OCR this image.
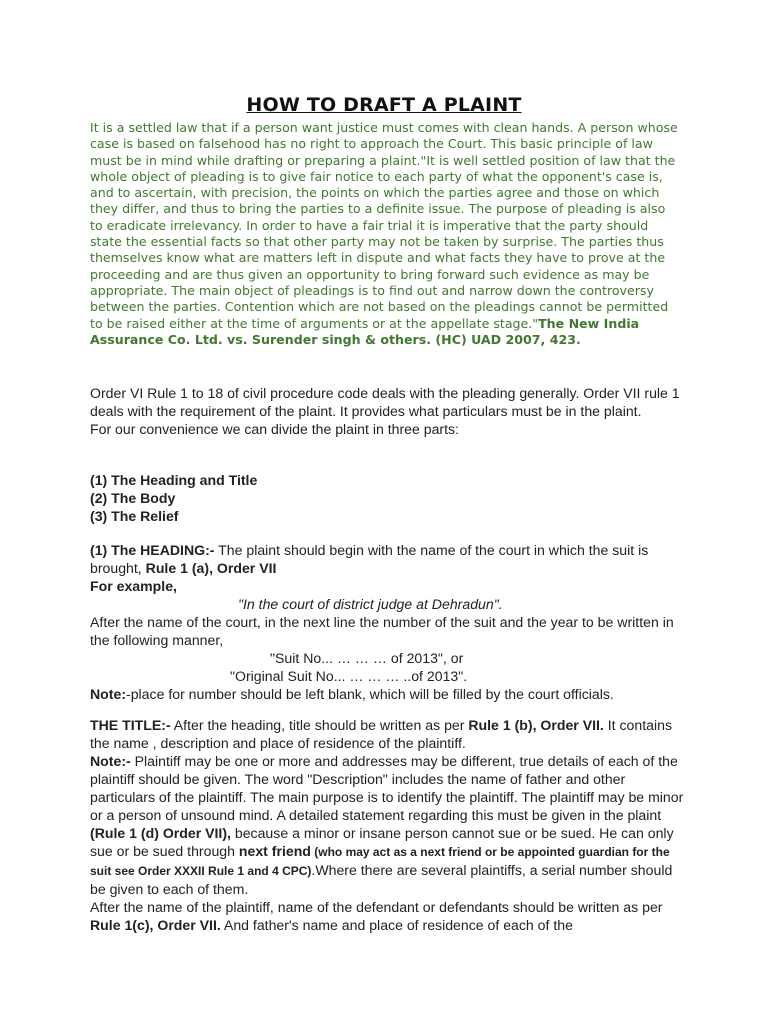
HOW TO DRAFT A PLAINT
It is a settled law that if a person want justice must comes with clean hands. A person whose case is based on falsehood has no right to approach the Court. This basic principle of law must be in mind while drafting or preparing a plaint."It is well settled position of law that the whole object of pleading is to give fair notice to each party of what the opponent's case is, and to ascertain, with precision, the points on which the parties agree and those on which they differ, and thus to bring the parties to a definite issue. The purpose of pleading is also to eradicate irrelevancy. In order to have a fair trial it is imperative that the party should state the essential facts so that other party may not be taken by surprise. The parties thus themselves know what are matters left in dispute and what facts they have to prove at the proceeding and are thus given an opportunity to bring forward such evidence as may be appropriate. The main object of pleadings is to find out and narrow down the controversy between the parties. Contention which are not based on the pleadings cannot be permitted to be raised either at the time of arguments or at the appellate stage."The New India Assurance Co. Ltd. vs. Surender singh & others. (HC) UAD 2007, 423.
Order VI Rule 1 to 18 of civil procedure code deals with the pleading generally. Order VII rule 1 deals with the requirement of the plaint. It provides what particulars must be in the plaint.
For our convenience we can divide the plaint in three parts:
(1) The Heading and Title
(2) The Body
(3) The Relief
(1) The HEADING:- The plaint should begin with the name of the court in which the suit is brought, Rule 1 (a), Order VII
For example,

"In the court of district judge at Dehradun".
After the name of the court, in the next line the number of the suit and the year to be written in the following manner,

"Suit No... … … … of 2013", or
"Original Suit No... … … … ..of 2013".
Note:-place for number should be left blank, which will be filled by the court officials.
THE TITLE:- After the heading, title should be written as per Rule 1 (b), Order VII. It contains the name , description and place of residence of the plaintiff.
Note:- Plaintiff may be one or more and addresses may be different, true details of each of the plaintiff should be given. The word "Description" includes the name of father and other particulars of the plaintiff. The main purpose is to identify the plaintiff. The plaintiff may be minor or a person of unsound mind. A detailed statement regarding this must be given in the plaint (Rule 1 (d) Order VII), because a minor or insane person cannot sue or be sued. He can only sue or be sued through next friend (who may act as a next friend or be appointed guardian for the suit see Order XXXII Rule 1 and 4 CPC).Where there are several plaintiffs, a serial number should be given to each of them.
After the name of the plaintiff, name of the defendant or defendants should be written as per Rule 1(c), Order VII. And father's name and place of residence of each of the
